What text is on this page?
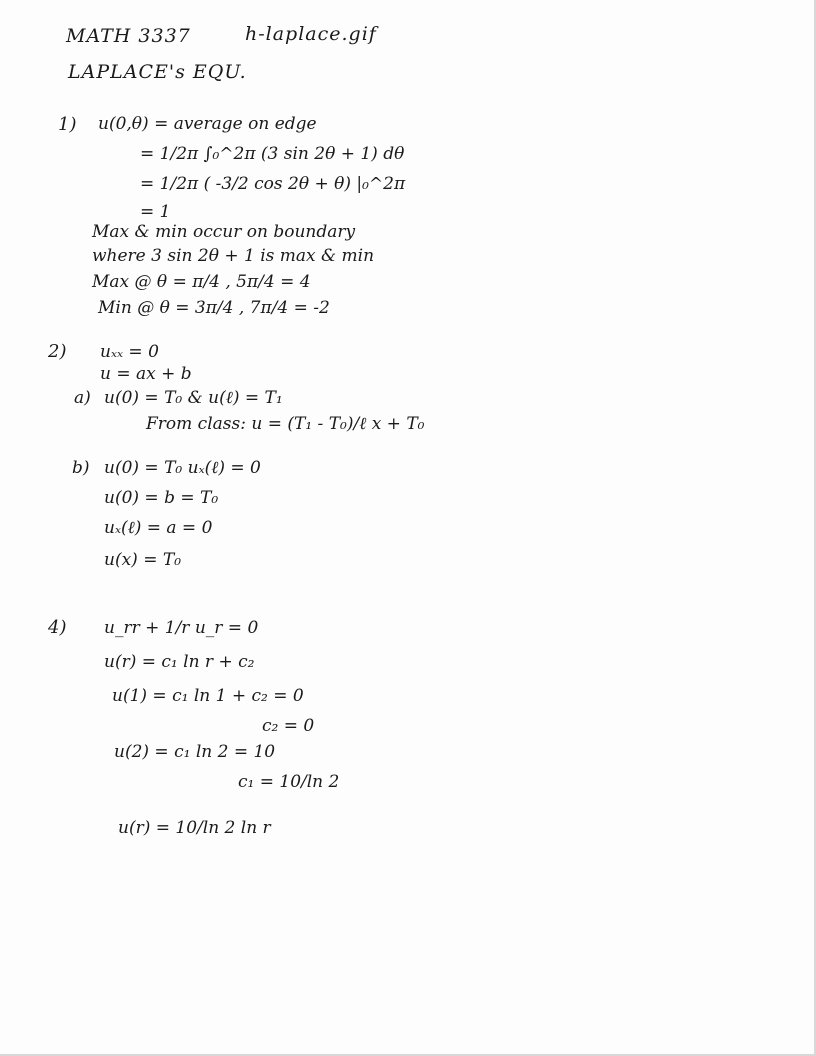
MATH 3337	h-laplace.gif
LAPLACE's EQU.
1) u(0,θ) = average on edge
= 1/2π ∫₀^2π (3 sin 2θ + 1) dθ
= 1/2π ( -3/2 cos 2θ + θ) |₀^2π
= 1
Max & min occur on boundary
where 3 sin 2θ + 1 is max & min
Max @ θ = π/4 , 5π/4 = 4
Min @ θ = 3π/4 , 7π/4 = -2
2) uₓₓ = 0
u = ax + b
a) u(0) = T₀ & u(ℓ) = T₁
From class: u = (T₁ - T₀)/ℓ x + T₀
b) u(0) = T₀ uₓ(ℓ) = 0
u(0) = b = T₀
uₓ(ℓ) = a = 0
u(x) = T₀
4) u_rr + 1/r u_r = 0
u(r) = c₁ ln r + c₂
u(1) = c₁ ln 1 + c₂ = 0
c₂ = 0
u(2) = c₁ ln 2 = 10
c₁ = 10/ln 2
u(r) = 10/ln 2 ln r
